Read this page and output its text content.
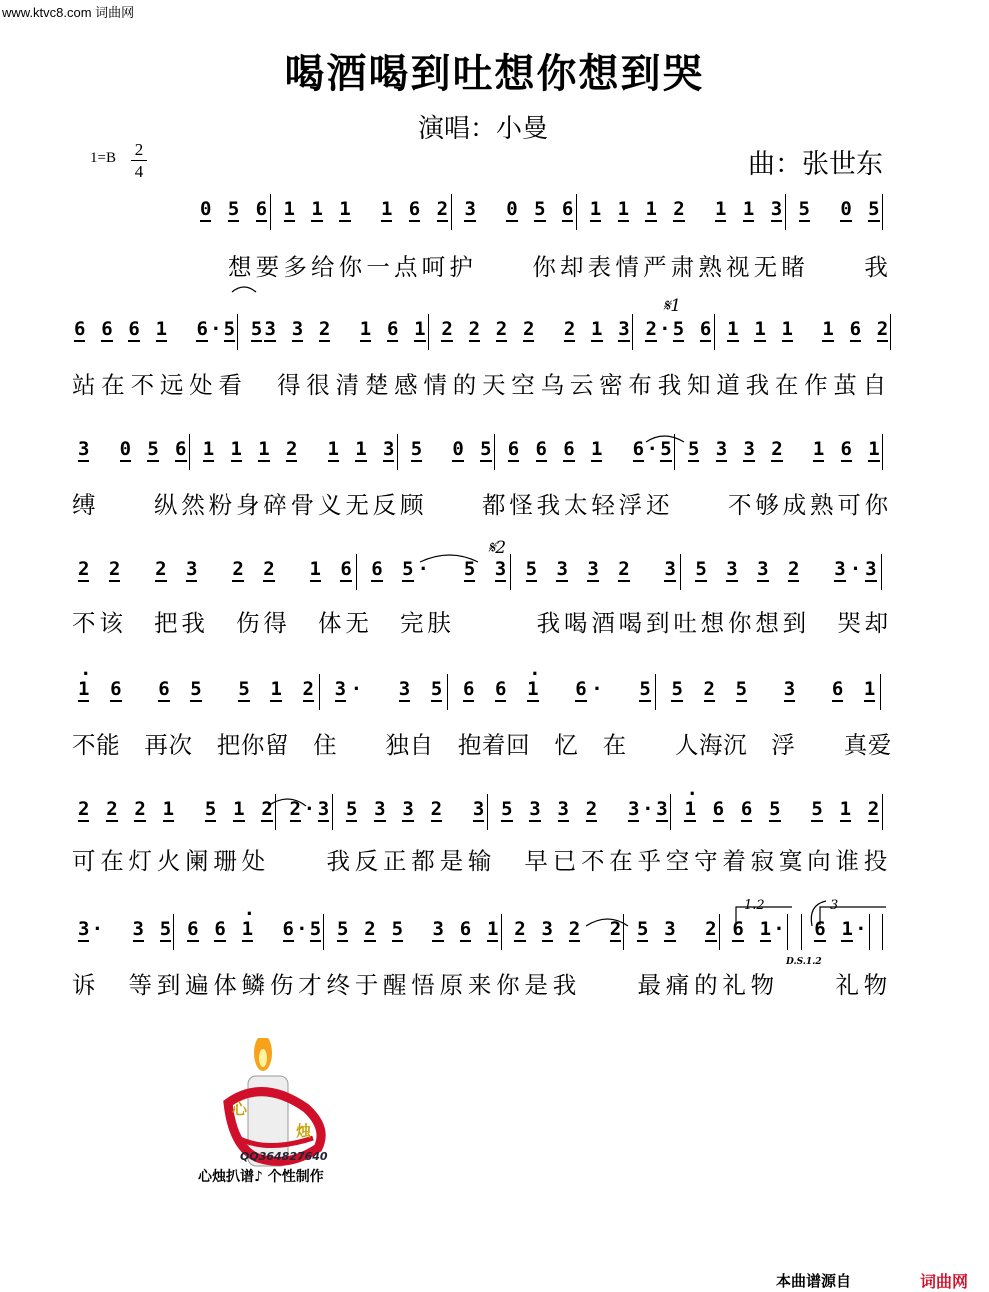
www.ktvc8.com 词曲网
喝酒喝到吐想你想到哭
演唱：小曼
曲：张世东
1=B	2
4
0 5 6 1 1 1 1 6 2 3 0 5 6 1 1 1 2 1 1 3 5 0 5
想 要 多 给 你 一 点 呵 护	你 却 表 情 严 肃 熟 视 无 睹	我
6 6 6 1 6 · 5 5 3 3 2 1 6 1 2 2 2 2 2 1 3 2 · 5 6 1 1 1 1 6 2
站 在 不 远 处 看 得 很 清 楚 感 情 的 天 空 乌 云 密 布 我 知 道 我 在 作 茧 自
3 0 5 6 1 1 1 2 1 1 3 5 0 5 6 6 6 1 6 · 5 5 3 3 2 1 6 1
缚 纵 然 粉 身 碎 骨 义 无 反 顾 都 怪 我 太 轻 浮 还 不 够 成 熟 可 你
2 2 2 3 2 2 1 6 6 5 · 5 3 5 3 3 2 3 5 3 3 2 3 · 3
不 该 把 我 伤 得 体 无 完 肤	我 喝 酒 喝 到 吐 想 你 想 到 哭 却
1
·
6 6 5 5 1 2 3 · 3 5 6 6 1
·
6 · 5 5 2 5 3 6 1
不 能 再 次 把 你 留 住 独 自 抱 着 回 忆 在 人 海 沉 浮 真 爱
2 2 2 1 5 1 2 2 · 3 5 3 3 2 3 5 3 3 2 3 · 3 1
·
6 6 5 5 1 2
可 在 灯 火 阑 珊 处	我 反 正 都 是 输 早 已 不 在 乎 空 守 着 寂 寞 向 谁 投
3 · 3 5 6 6 1
·
6 · 5 5 2 5 3 6 1 2 3 2 2 5 3 2 6 1 · 6 1 ·
诉 等 到 遍 体 鳞 伤 才 终 于 醒 悟 原 来 你 是 我	最 痛 的 礼 物	礼 物
𝄋1
𝄋2
1.2	3
D.S.1.2
心
烛
QQ364827640
心烛扒谱♪ 个性制作
本曲谱源自	词曲网
